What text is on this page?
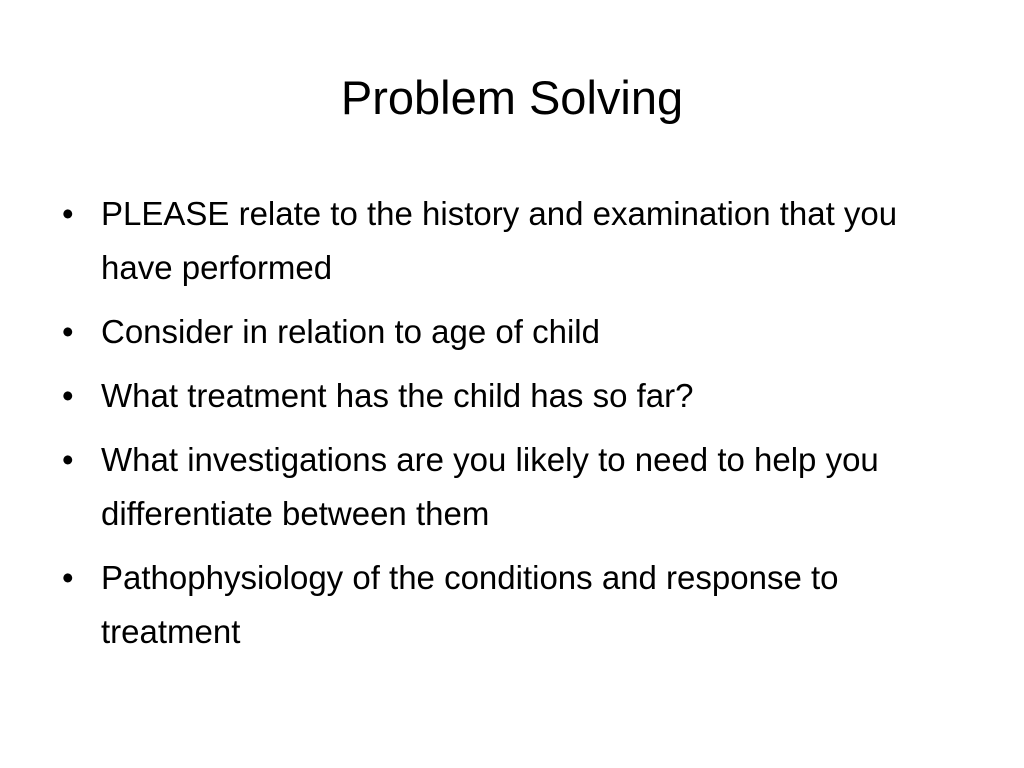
Problem Solving
• PLEASE relate to the history and examination that you have performed
• Consider in relation to age of child
• What treatment has the child has so far?
• What investigations are you likely to need to help you differentiate between them
• Pathophysiology of the conditions and response to treatment
